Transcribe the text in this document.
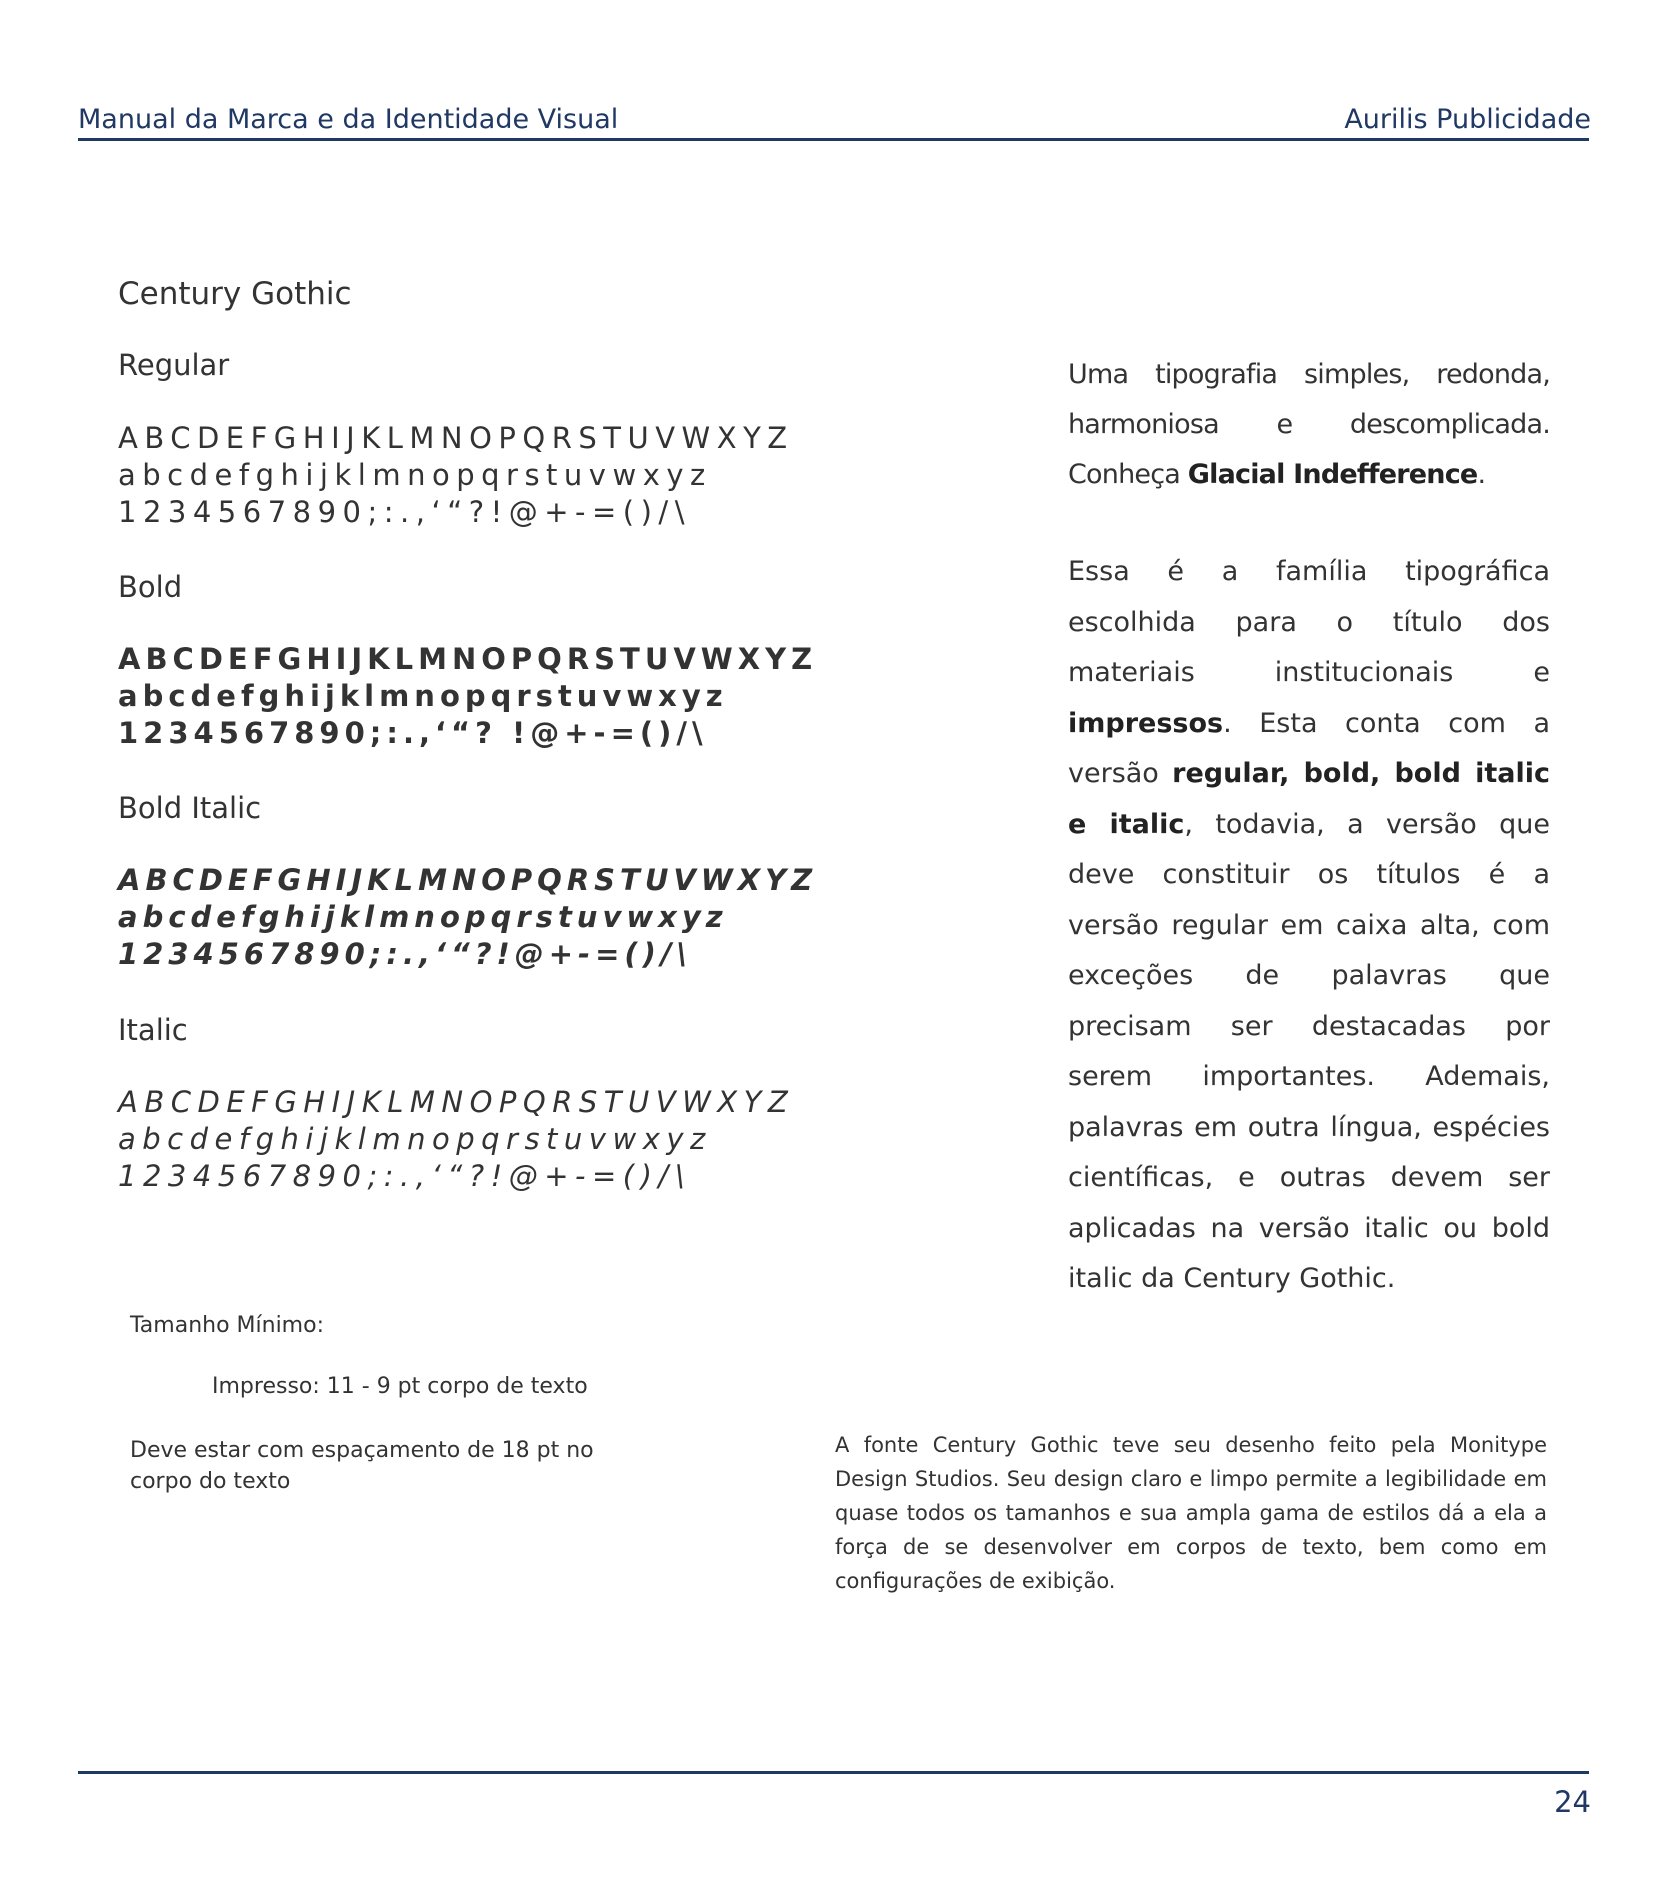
Manual da Marca e da Identidade Visual	Aurilis Publicidade
Century Gothic
Regular
ABCDEFGHIJKLMNOPQRSTUVWXYZ
abcdefghijklmnopqrstuvwxyz
1234567890;:.,‘“?!@+-=()/\
Bold
ABCDEFGHIJKLMNOPQRSTUVWXYZ
abcdefghijklmnopqrstuvwxyz
1234567890;:.,‘“? !@+-=()/\
Bold Italic
ABCDEFGHIJKLMNOPQRSTUVWXYZ
abcdefghijklmnopqrstuvwxyz
1234567890;:.,‘“?!@+-=()/\
Italic
ABCDEFGHIJKLMNOPQRSTUVWXYZ
abcdefghijklmnopqrstuvwxyz
1234567890;:.,‘“?!@+-=()/\
Uma tipografia simples, redonda, harmoniosa e descomplicada. Conheça Glacial Indefference.
Essa é a família tipográfica escolhida para o título dos materiais institucionais e impressos. Esta conta com a versão regular, bold, bold italic e italic, todavia, a versão que deve constituir os títulos é a versão regular em caixa alta, com exceções de palavras que precisam ser destacadas por serem importantes. Ademais, palavras em outra língua, espécies científicas, e outras devem ser aplicadas na versão italic ou bold italic da Century Gothic.
Tamanho Mínimo:
Impresso: 11 - 9 pt corpo de texto
Deve estar com espaçamento de 18 pt no corpo do texto
A fonte Century Gothic teve seu desenho feito pela Monitype Design Studios. Seu design claro e limpo permite a legibilidade em quase todos os tamanhos e sua ampla gama de estilos dá a ela a força de se desenvolver em corpos de texto, bem como em configurações de exibição.
24
